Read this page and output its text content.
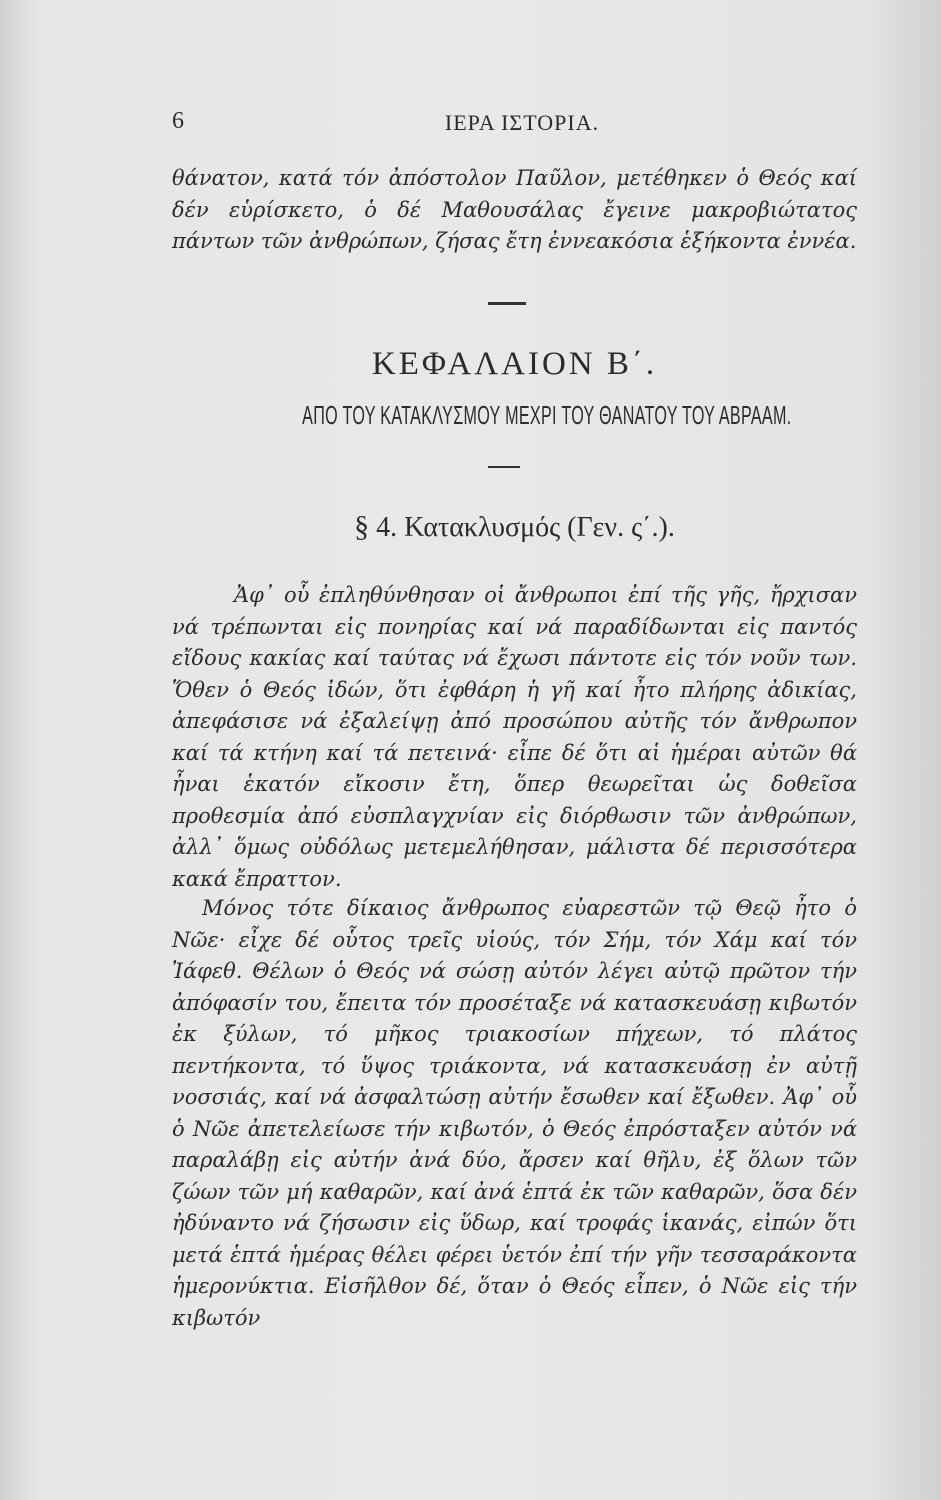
6	ΙΕΡΑ ΙΣΤΟΡΙΑ.
θάνατον, κατά τόν ἀπόστολον Παῦλον, μετέθηκεν ὁ Θεός καί δέν εὑρίσκετο, ὁ δέ Μαθουσάλας ἔγεινε μακροβιώτατος πάντων τῶν ἀνθρώπων, ζήσας ἔτη ἐννεακόσια ἑξήκοντα ἐννέα.
ΚΕΦΑΛΑΙΟΝ Β΄.
ΑΠΟ ΤΟΥ ΚΑΤΑΚΛΥΣΜΟΥ ΜΕΧΡΙ ΤΟΥ ΘΑΝΑΤΟΥ ΤΟΥ ΑΒΡΑΑΜ.
§ 4. Κατακλυσμός (Γεν. ς΄.).
Ἀφ᾽ οὗ ἐπληθύνθησαν οἱ ἄνθρωποι ἐπί τῆς γῆς, ἤρχισαν νά τρέπωνται εἰς πονηρίας καί νά παραδίδωνται εἰς παντός εἴδους κακίας καί ταύτας νά ἔχωσι πάντοτε εἰς τόν νοῦν των. Ὅθεν ὁ Θεός ἰδών, ὅτι ἐφθάρη ἡ γῆ καί ἦτο πλήρης ἀδικίας, ἀπεφάσισε νά ἐξαλείψῃ ἀπό προσώπου αὐτῆς τόν ἄνθρωπον καί τά κτήνη καί τά πετεινά· εἶπε δέ ὅτι αἱ ἡμέραι αὐτῶν θά ἦναι ἑκατόν εἴκοσιν ἔτη, ὅπερ θεωρεῖται ὡς δοθεῖσα προθεσμία ἀπό εὐσπλαγχνίαν εἰς διόρθωσιν τῶν ἀνθρώπων, ἀλλ᾽ ὅμως οὐδόλως μετεμελήθησαν, μάλιστα δέ περισσότερα κακά ἔπραττον.
Μόνος τότε δίκαιος ἄνθρωπος εὐαρεστῶν τῷ Θεῷ ἦτο ὁ Νῶε· εἶχε δέ οὗτος τρεῖς υἱούς, τόν Σήμ, τόν Χάμ καί τόν Ἰάφεθ. Θέλων ὁ Θεός νά σώσῃ αὐτόν λέγει αὐτῷ πρῶτον τήν ἀπόφασίν του, ἔπειτα τόν προσέταξε νά κατασκευάσῃ κιβωτόν ἐκ ξύλων, τό μῆκος τριακοσίων πήχεων, τό πλάτος πεντήκοντα, τό ὕψος τριάκοντα, νά κατασκευάσῃ ἐν αὐτῇ νοσσιάς, καί νά ἀσφαλτώσῃ αὐτήν ἔσωθεν καί ἔξωθεν. Ἀφ᾽ οὗ ὁ Νῶε ἀπετελείωσε τήν κιβωτόν, ὁ Θεός ἐπρόσταξεν αὐτόν νά παραλάβῃ εἰς αὐτήν ἀνά δύο, ἄρσεν καί θῆλυ, ἐξ ὅλων τῶν ζώων τῶν μή καθαρῶν, καί ἀνά ἑπτά ἐκ τῶν καθαρῶν, ὅσα δέν ἠδύναντο νά ζήσωσιν εἰς ὕδωρ, καί τροφάς ἱκανάς, εἰπών ὅτι μετά ἑπτά ἡμέρας θέλει φέρει ὑετόν ἐπί τήν γῆν τεσσαράκοντα ἡμερονύκτια. Εἰσῆλθον δέ, ὅταν ὁ Θεός εἶπεν, ὁ Νῶε εἰς τήν κιβωτόν
